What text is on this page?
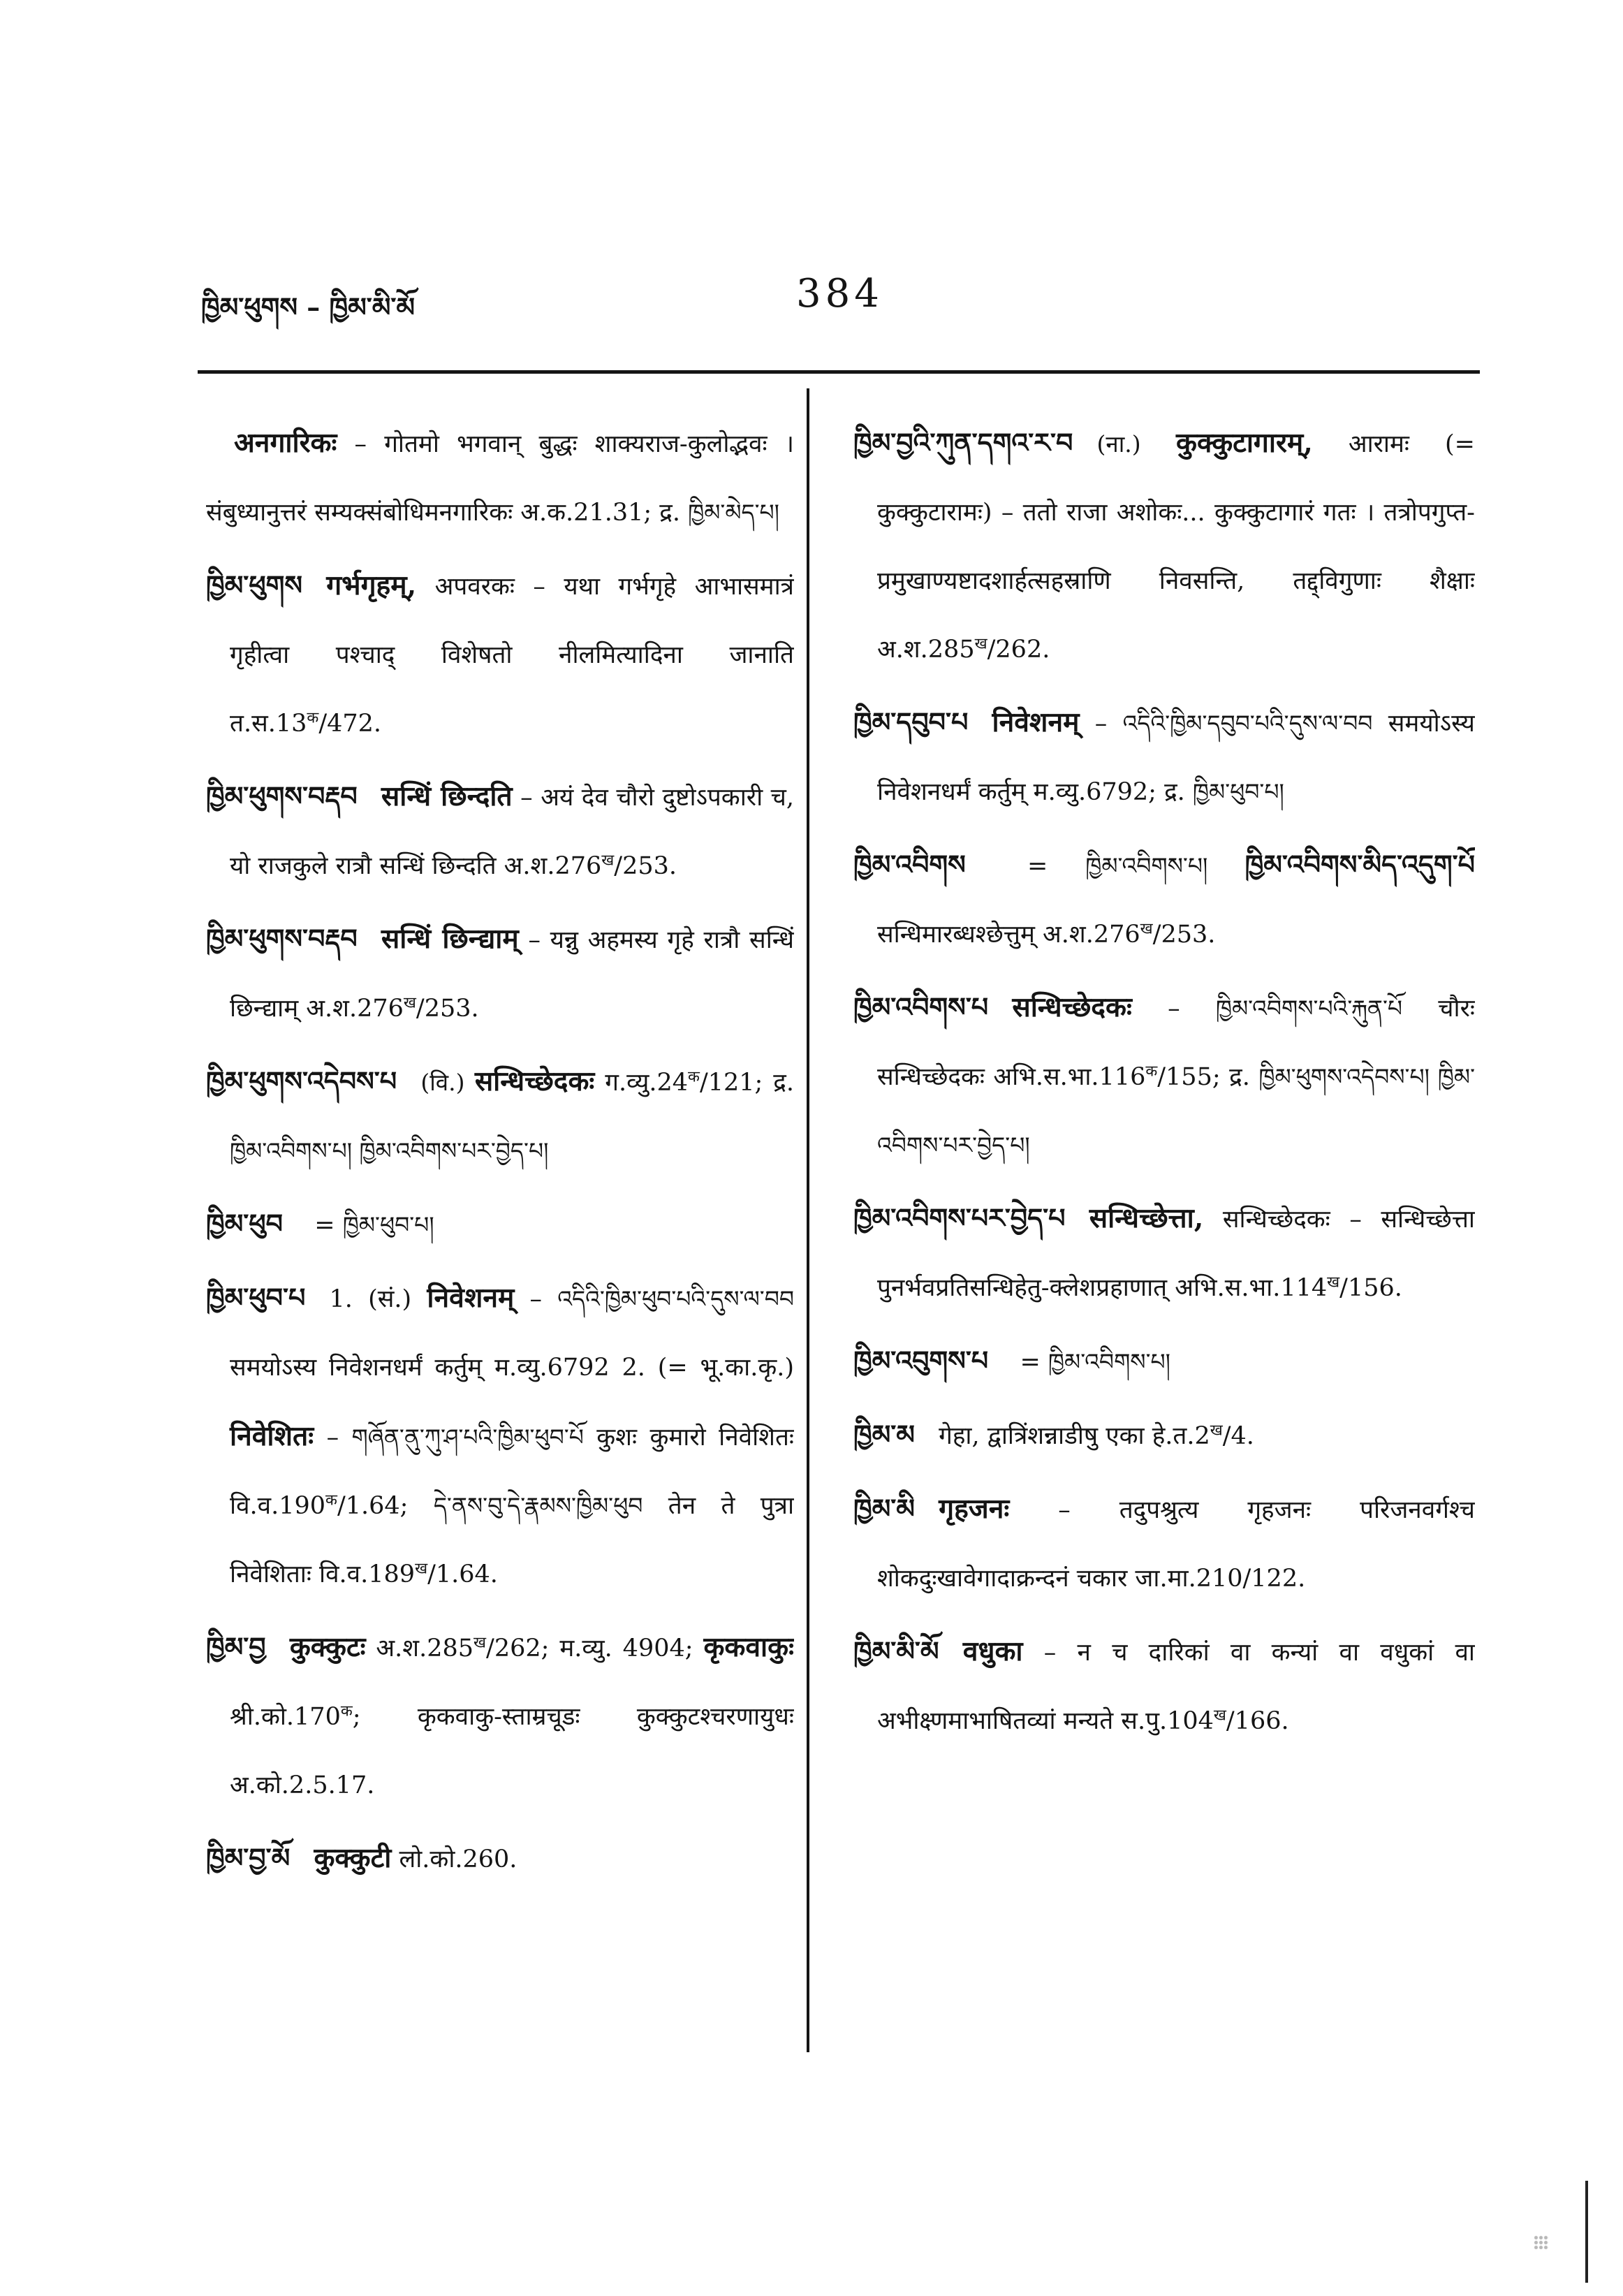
ཁྱིམ་ཕུགས – ཁྱིམ་མི་མོ	384
अनगारिकः – गोतमो भगवान् बुद्धः शाक्यराज-कुलोद्भवः । संबुध्यानुत्तरं सम्यक्संबोधिमनगारिकः अ.क.21.31; द्र. ཁྱིམ་མེད་པ།
ཁྱིམ་ཕུགས गर्भगृहम्, अपवरकः – यथा गर्भगृहे आभासमात्रं गृहीत्वा पश्चाद् विशेषतो नीलमित्यादिना जानाति $त.स.13^क/472$.
ཁྱིམ་ཕུགས་བརྡབ सन्धिं छिन्दति – अयं देव चौरो दुष्टोऽपकारी च, यो राजकुले रात्रौ सन्धिं छिन्दति $अ.श.276^ख/253$.
ཁྱིམ་ཕུགས་བརྡབ सन्धिं छिन्द्याम् – यन्नु अहमस्य गृहे रात्रौ सन्धिं छिन्द्याम् $अ.श.276^ख/253$.
ཁྱིམ་ཕུགས་འདེབས་པ (वि.) सन्धिच्छेदकः $ग.व्यु.24^क/121$; द्र. ཁྱིམ་འབིགས་པ། ཁྱིམ་འབིགས་པར་བྱེད་པ།
ཁྱིམ་ཕུབ = ཁྱིམ་ཕུབ་པ།
ཁྱིམ་ཕུབ་པ 1. (सं.) निवेशनम् – འདིའི་ཁྱིམ་ཕུབ་པའི་དུས་ལ་བབ समयोऽस्य निवेशनधर्मं कर्तुम् म.व्यु.6792 2. (= भू.का.कृ.) निवेशितः – གཞོན་ནུ་ཀུ་ཤ་པའི་ཁྱིམ་ཕུབ་པོ कुशः कुमारो निवेशितः $वि.व.190^क/1.64$; དེ་ནས་བུ་དེ་རྣམས་ཁྱིམ་ཕུབ तेन ते पुत्रा निवेशिताः $वि.व.189^ख/1.64$.
ཁྱིམ་བྱ कुक्कुटः $अ.श.285^ख/262$; म.व्यु. 4904; कृकवाकुः $श्री.को.170^क$; कृकवाकु-स्ताम्रचूडः कुक्कुटश्चरणायुधः अ.को.2.5.17.
ཁྱིམ་བྱ་མོ कुक्कुटी लो.को.260.
ཁྱིམ་བྱའི་ཀུན་དགའ་ར་བ (ना.) कुक्कुटागारम्, आरामः (= कुक्कुटारामः) – ततो राजा अशोकः... कुक्कुटागारं गतः । तत्रोपगुप्त-प्रमुखाण्यष्टादशार्हत्सहस्राणि निवसन्ति, तद्द्विगुणाः शैक्षाः $अ.श.285^ख/262$.
ཁྱིམ་དབུབ་པ निवेशनम् – འདིའི་ཁྱིམ་དབུབ་པའི་དུས་ལ་བབ समयोऽस्य निवेशनधर्मं कर्तुम् म.व्यु.6792; द्र. ཁྱིམ་ཕུབ་པ།
ཁྱིམ་འབིགས = ཁྱིམ་འབིགས་པ། ཁྱིམ་འབིགས་མིད་འདུག་པོ सन्धिमारब्धश्छेत्तुम् $अ.श.276^ख/253$.
ཁྱིམ་འབིགས་པ सन्धिच्छेदकः – ཁྱིམ་འབིགས་པའི་རྐུན་པོ चौरः सन्धिच्छेदकः $अभि.स.भा.116^क/155$; द्र. ཁྱིམ་ཕུགས་འདེབས་པ། ཁྱིམ་འབིགས་པར་བྱེད་པ།
ཁྱིམ་འབིགས་པར་བྱེད་པ सन्धिच्छेत्ता, सन्धिच्छेदकः – सन्धिच्छेत्ता पुनर्भवप्रतिसन्धिहेतु-क्लेशप्रहाणात् $अभि.स.भा.114^ख/156$.
ཁྱིམ་འབུགས་པ = ཁྱིམ་འབིགས་པ།
ཁྱིམ་མ गेहा, द्वात्रिंशन्नाडीषु एका $हे.त.2^ख/4$.
ཁྱིམ་མི गृहजनः – तदुपश्रुत्य गृहजनः परिजनवर्गश्च शोकदुःखावेगादाक्रन्दनं चकार जा.मा.210/122.
ཁྱིམ་མི་མོ वधुका – न च दारिकां वा कन्यां वा वधुकां वा अभीक्ष्णमाभाषितव्यां मन्यते $स.पु.104^ख/166$.
